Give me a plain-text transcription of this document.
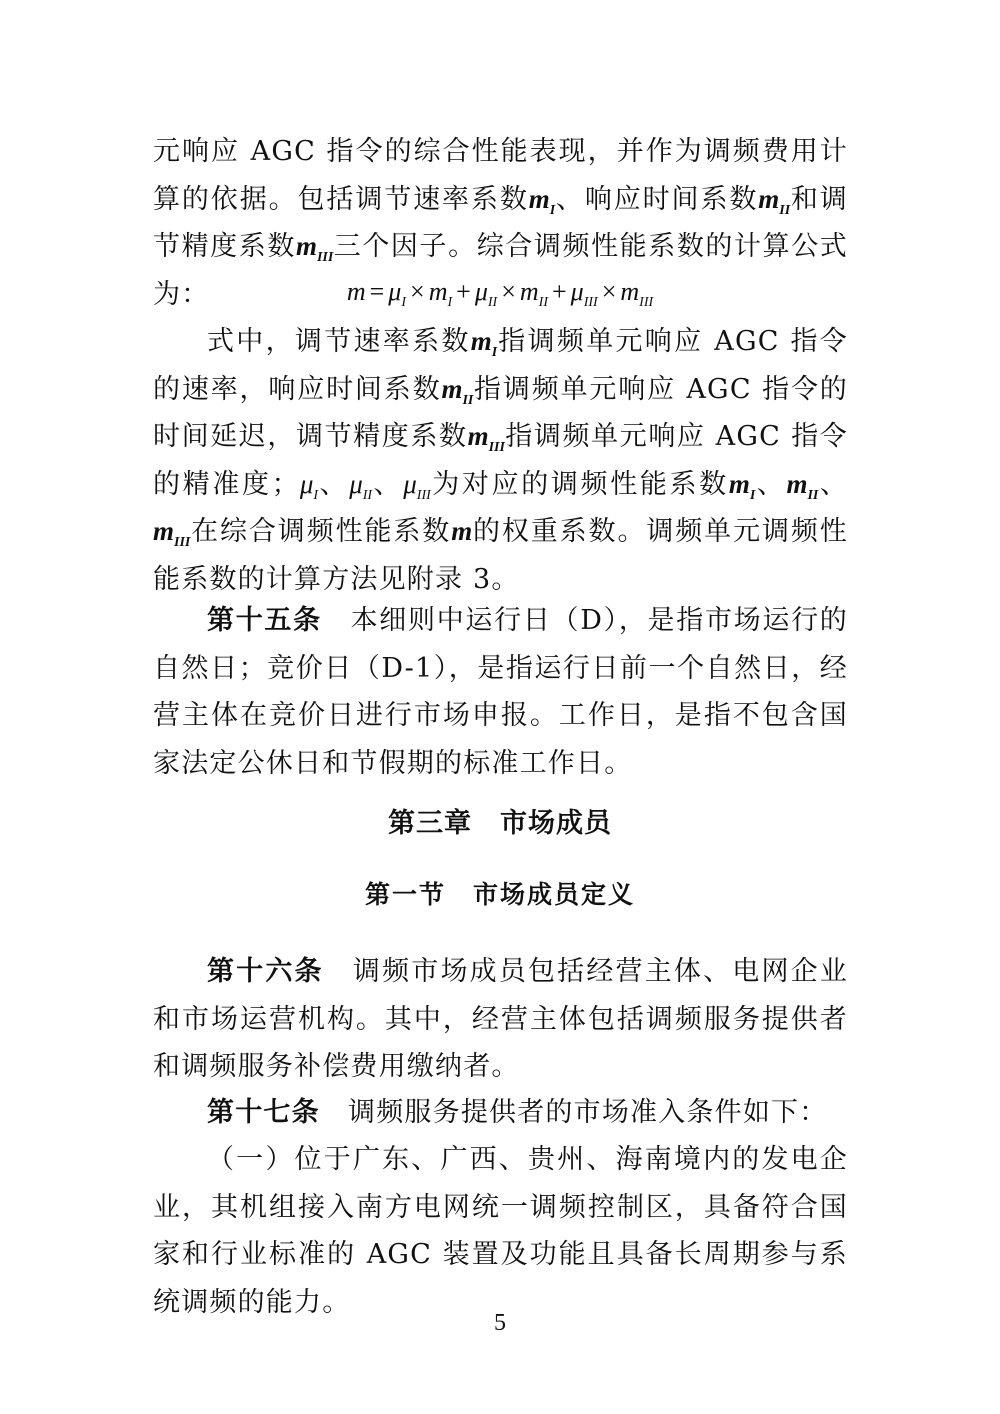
元响应 AGC 指令的综合性能表现，并作为调频费用计算的依据。包括调节速率系数$m_I$、响应时间系数$m_{II}$和调节精度系数$m_{III}$三个因子。综合调频性能系数的计算公式为：	$m = \mu_I \times m_I + \mu_{II} \times m_{II} + \mu_{III} \times m_{III}$

式中，调节速率系数$m_I$指调频单元响应 AGC 指令的速率，响应时间系数$m_{II}$指调频单元响应 AGC 指令的时间延迟，调节精度系数$m_{III}$指调频单元响应 AGC 指令的精准度；$\mu_I$、$\mu_{II}$、$\mu_{III}$为对应的调频性能系数$m_I$、$m_{II}$、$m_{III}$在综合调频性能系数m的权重系数。调频单元调频性能系数的计算方法见附录 3。

第十五条　 本细则中运行日（D），是指市场运行的自然日；竞价日（D-1），是指运行日前一个自然日，经营主体在竞价日进行市场申报。工作日，是指不包含国家法定公休日和节假期的标准工作日。

第三章　市场成员
第一节　市场成员定义

第十六条　 调频市场成员包括经营主体、电网企业和市场运营机构。其中，经营主体包括调频服务提供者和调频服务补偿费用缴纳者。

第十七条　 调频服务提供者的市场准入条件如下：

（一）位于广东、广西、贵州、海南境内的发电企业，其机组接入南方电网统一调频控制区，具备符合国家和行业标准的 AGC 装置及功能且具备长周期参与系统调频的能力。

5
